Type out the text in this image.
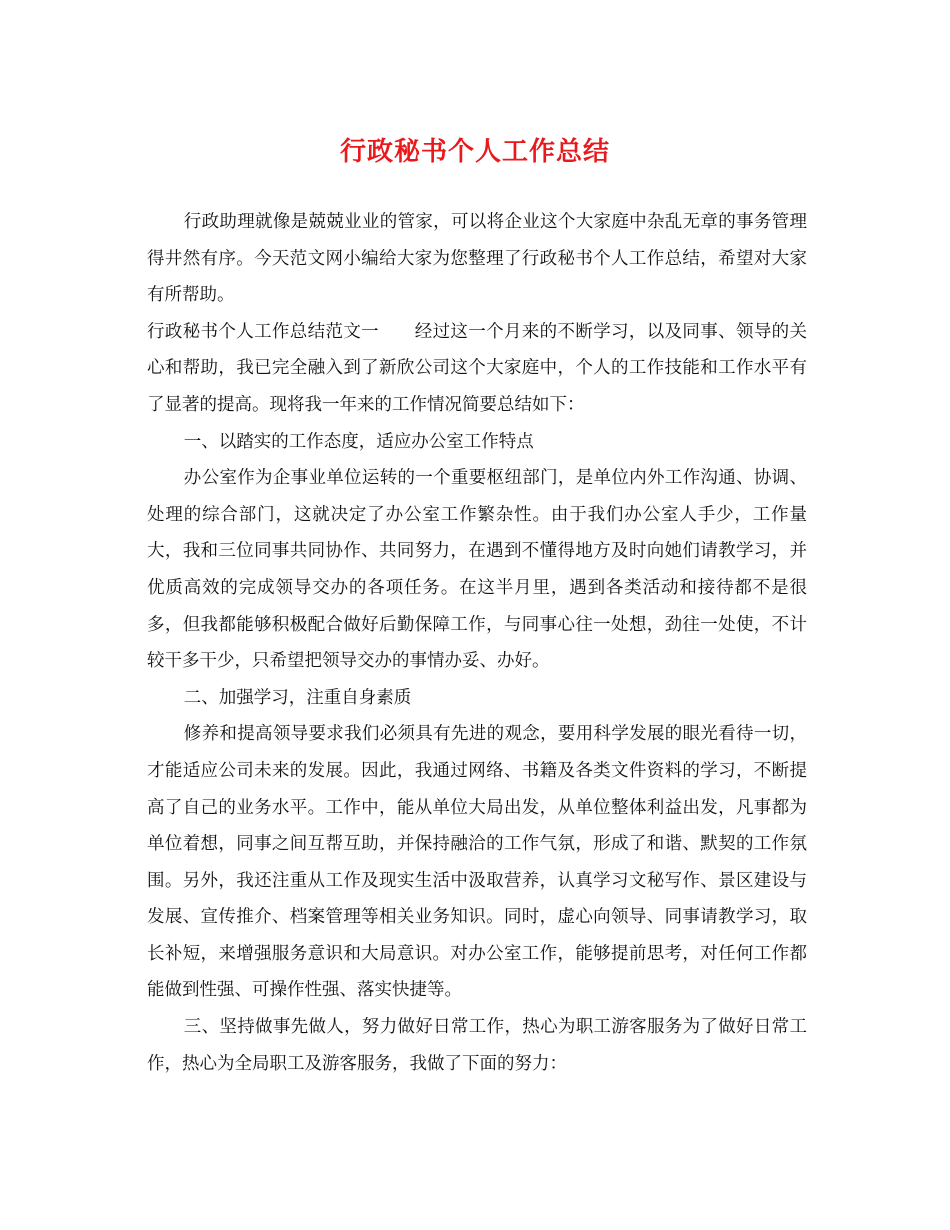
行政秘书个人工作总结

行政助理就像是兢兢业业的管家，可以将企业这个大家庭中杂乱无章的事务管理得井然有序。今天范文网小编给大家为您整理了行政秘书个人工作总结，希望对大家有所帮助。

行政秘书个人工作总结范文一　　 经过这一个月来的不断学习，以及同事、领导的关心和帮助，我已完全融入到了新欣公司这个大家庭中，个人的工作技能和工作水平有了显著的提高。现将我一年来的工作情况简要总结如下：

一、以踏实的工作态度，适应办公室工作特点

办公室作为企事业单位运转的一个重要枢纽部门，是单位内外工作沟通、协调、处理的综合部门，这就决定了办公室工作繁杂性。由于我们办公室人手少，工作量大，我和三位同事共同协作、共同努力，在遇到不懂得地方及时向她们请教学习，并优质高效的完成领导交办的各项任务。在这半月里，遇到各类活动和接待都不是很多，但我都能够积极配合做好后勤保障工作，与同事心往一处想，劲往一处使，不计较干多干少，只希望把领导交办的事情办妥、办好。

二、加强学习，注重自身素质

修养和提高领导要求我们必须具有先进的观念，要用科学发展的眼光看待一切，才能适应公司未来的发展。因此，我通过网络、书籍及各类文件资料的学习，不断提高了自己的业务水平。工作中，能从单位大局出发，从单位整体利益出发，凡事都为单位着想，同事之间互帮互助，并保持融洽的工作气氛，形成了和谐、默契的工作氛围。另外，我还注重从工作及现实生活中汲取营养，认真学习文秘写作、景区建设与发展、宣传推介、档案管理等相关业务知识。同时，虚心向领导、同事请教学习，取长补短，来增强服务意识和大局意识。对办公室工作，能够提前思考，对任何工作都能做到性强、可操作性强、落实快捷等。

三、坚持做事先做人，努力做好日常工作，热心为职工游客服务为了做好日常工作，热心为全局职工及游客服务，我做了下面的努力：
